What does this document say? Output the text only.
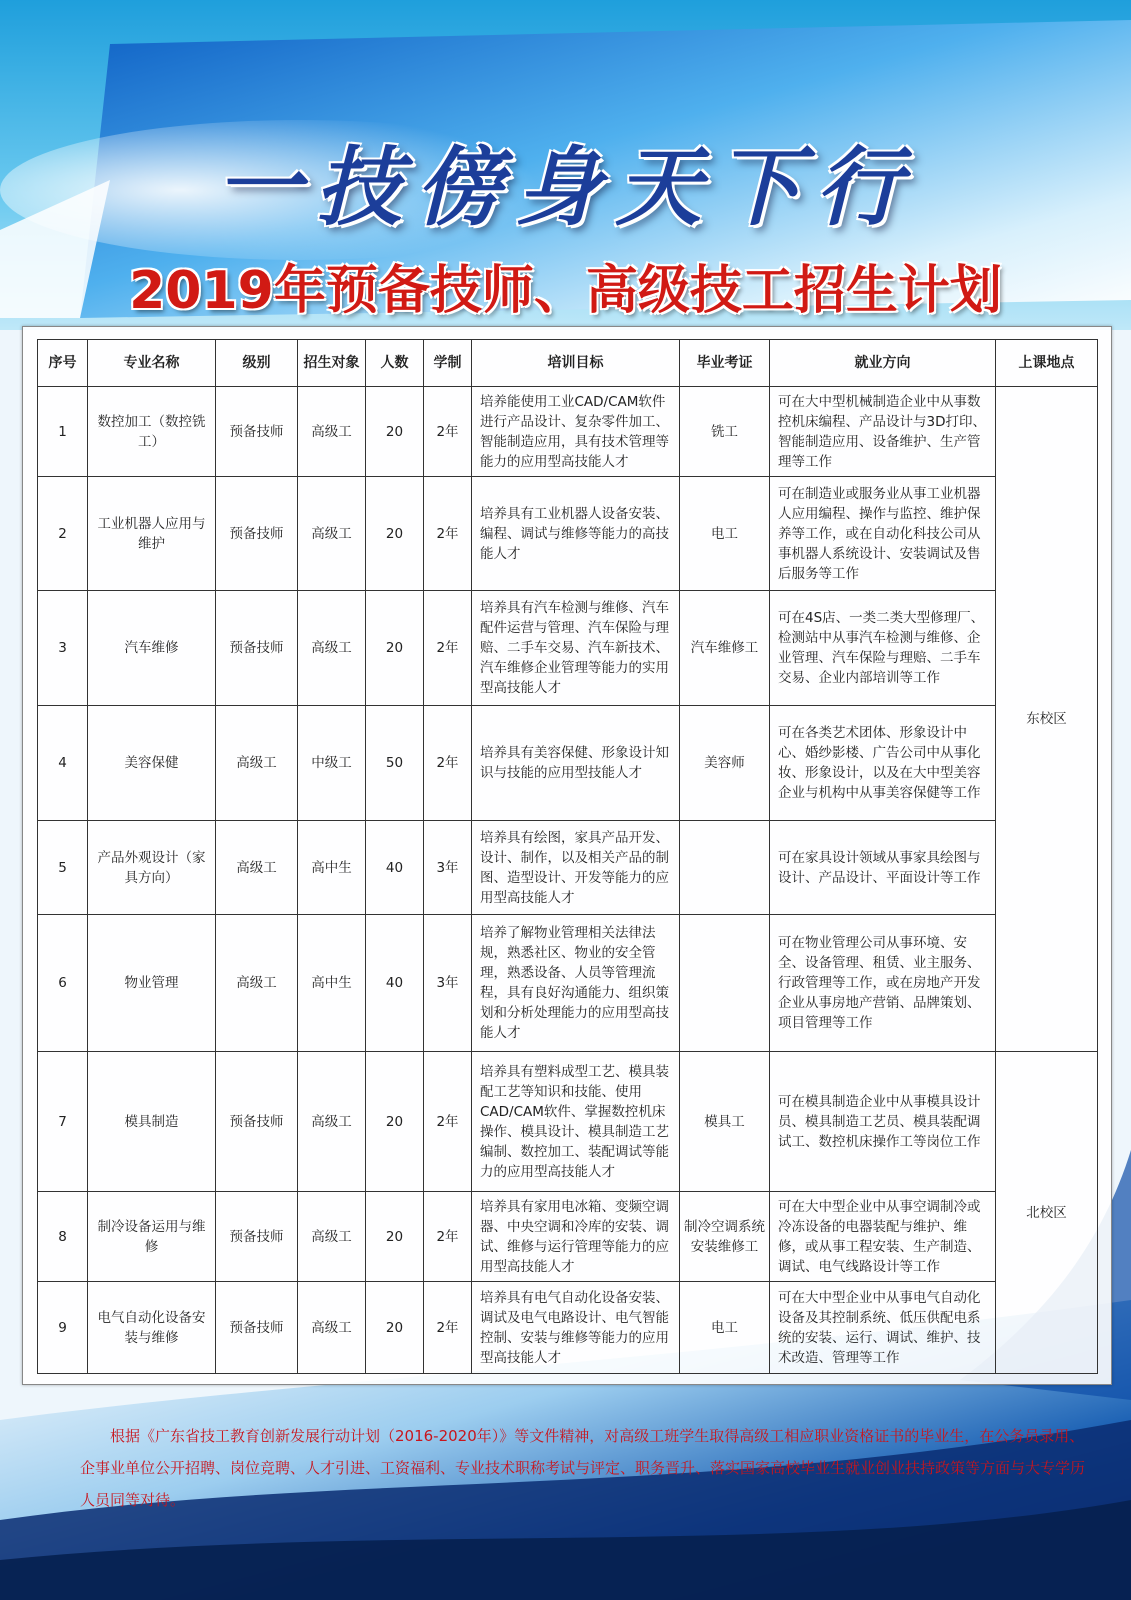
一技傍身天下行
2019年预备技师、高级技工招生计划
序号	专业名称	级别	招生对象	人数	学制	培训目标	毕业考证	就业方向	上课地点
1	数控加工（数控铣工）	预备技师	高级工	20	2年	培养能使用工业CAD/CAM软件进行产品设计、复杂零件加工、智能制造应用，具有技术管理等能力的应用型高技能人才	铣工	可在大中型机械制造企业中从事数控机床编程、产品设计与3D打印、智能制造应用、设备维护、生产管理等工作	东校区
2	工业机器人应用与维护	预备技师	高级工	20	2年	培养具有工业机器人设备安装、编程、调试与维修等能力的高技能人才	电工	可在制造业或服务业从事工业机器人应用编程、操作与监控、维护保养等工作，或在自动化科技公司从事机器人系统设计、安装调试及售后服务等工作	
3	汽车维修	预备技师	高级工	20	2年	培养具有汽车检测与维修、汽车配件运营与管理、汽车保险与理赔、二手车交易、汽车新技术、汽车维修企业管理等能力的实用型高技能人才	汽车维修工	可在4S店、一类二类大型修理厂、检测站中从事汽车检测与维修、企业管理、汽车保险与理赔、二手车交易、企业内部培训等工作	
4	美容保健	高级工	中级工	50	2年	培养具有美容保健、形象设计知识与技能的应用型技能人才	美容师	可在各类艺术团体、形象设计中心、婚纱影楼、广告公司中从事化妆、形象设计，以及在大中型美容企业与机构中从事美容保健等工作	
5	产品外观设计（家具方向）	高级工	高中生	40	3年	培养具有绘图，家具产品开发、设计、制作，以及相关产品的制图、造型设计、开发等能力的应用型高技能人才		可在家具设计领域从事家具绘图与设计、产品设计、平面设计等工作	
6	物业管理	高级工	高中生	40	3年	培养了解物业管理相关法律法规，熟悉社区、物业的安全管理，熟悉设备、人员等管理流程，具有良好沟通能力、组织策划和分析处理能力的应用型高技能人才		可在物业管理公司从事环境、安全、设备管理、租赁、业主服务、行政管理等工作，或在房地产开发企业从事房地产营销、品牌策划、项目管理等工作	
7	模具制造	预备技师	高级工	20	2年	培养具有塑料成型工艺、模具装配工艺等知识和技能、使用CAD/CAM软件、掌握数控机床操作、模具设计、模具制造工艺编制、数控加工、装配调试等能力的应用型高技能人才	模具工	可在模具制造企业中从事模具设计员、模具制造工艺员、模具装配调试工、数控机床操作工等岗位工作	北校区
8	制冷设备运用与维修	预备技师	高级工	20	2年	培养具有家用电冰箱、变频空调器、中央空调和冷库的安装、调试、维修与运行管理等能力的应用型高技能人才	制冷空调系统安装维修工	可在大中型企业中从事空调制冷或冷冻设备的电器装配与维护、维修，或从事工程安装、生产制造、调试、电气线路设计等工作	
9	电气自动化设备安装与维修	预备技师	高级工	20	2年	培养具有电气自动化设备安装、调试及电气电路设计、电气智能控制、安装与维修等能力的应用型高技能人才	电工	可在大中型企业中从事电气自动化设备及其控制系统、低压供配电系统的安装、运行、调试、维护、技术改造、管理等工作	
根据《广东省技工教育创新发展行动计划（2016-2020年）》等文件精神，对高级工班学生取得高级工相应职业资格证书的毕业生，在公务员录用、企事业单位公开招聘、岗位竞聘、人才引进、工资福利、专业技术职称考试与评定、职务晋升、落实国家高校毕业生就业创业扶持政策等方面与大专学历人员同等对待。
